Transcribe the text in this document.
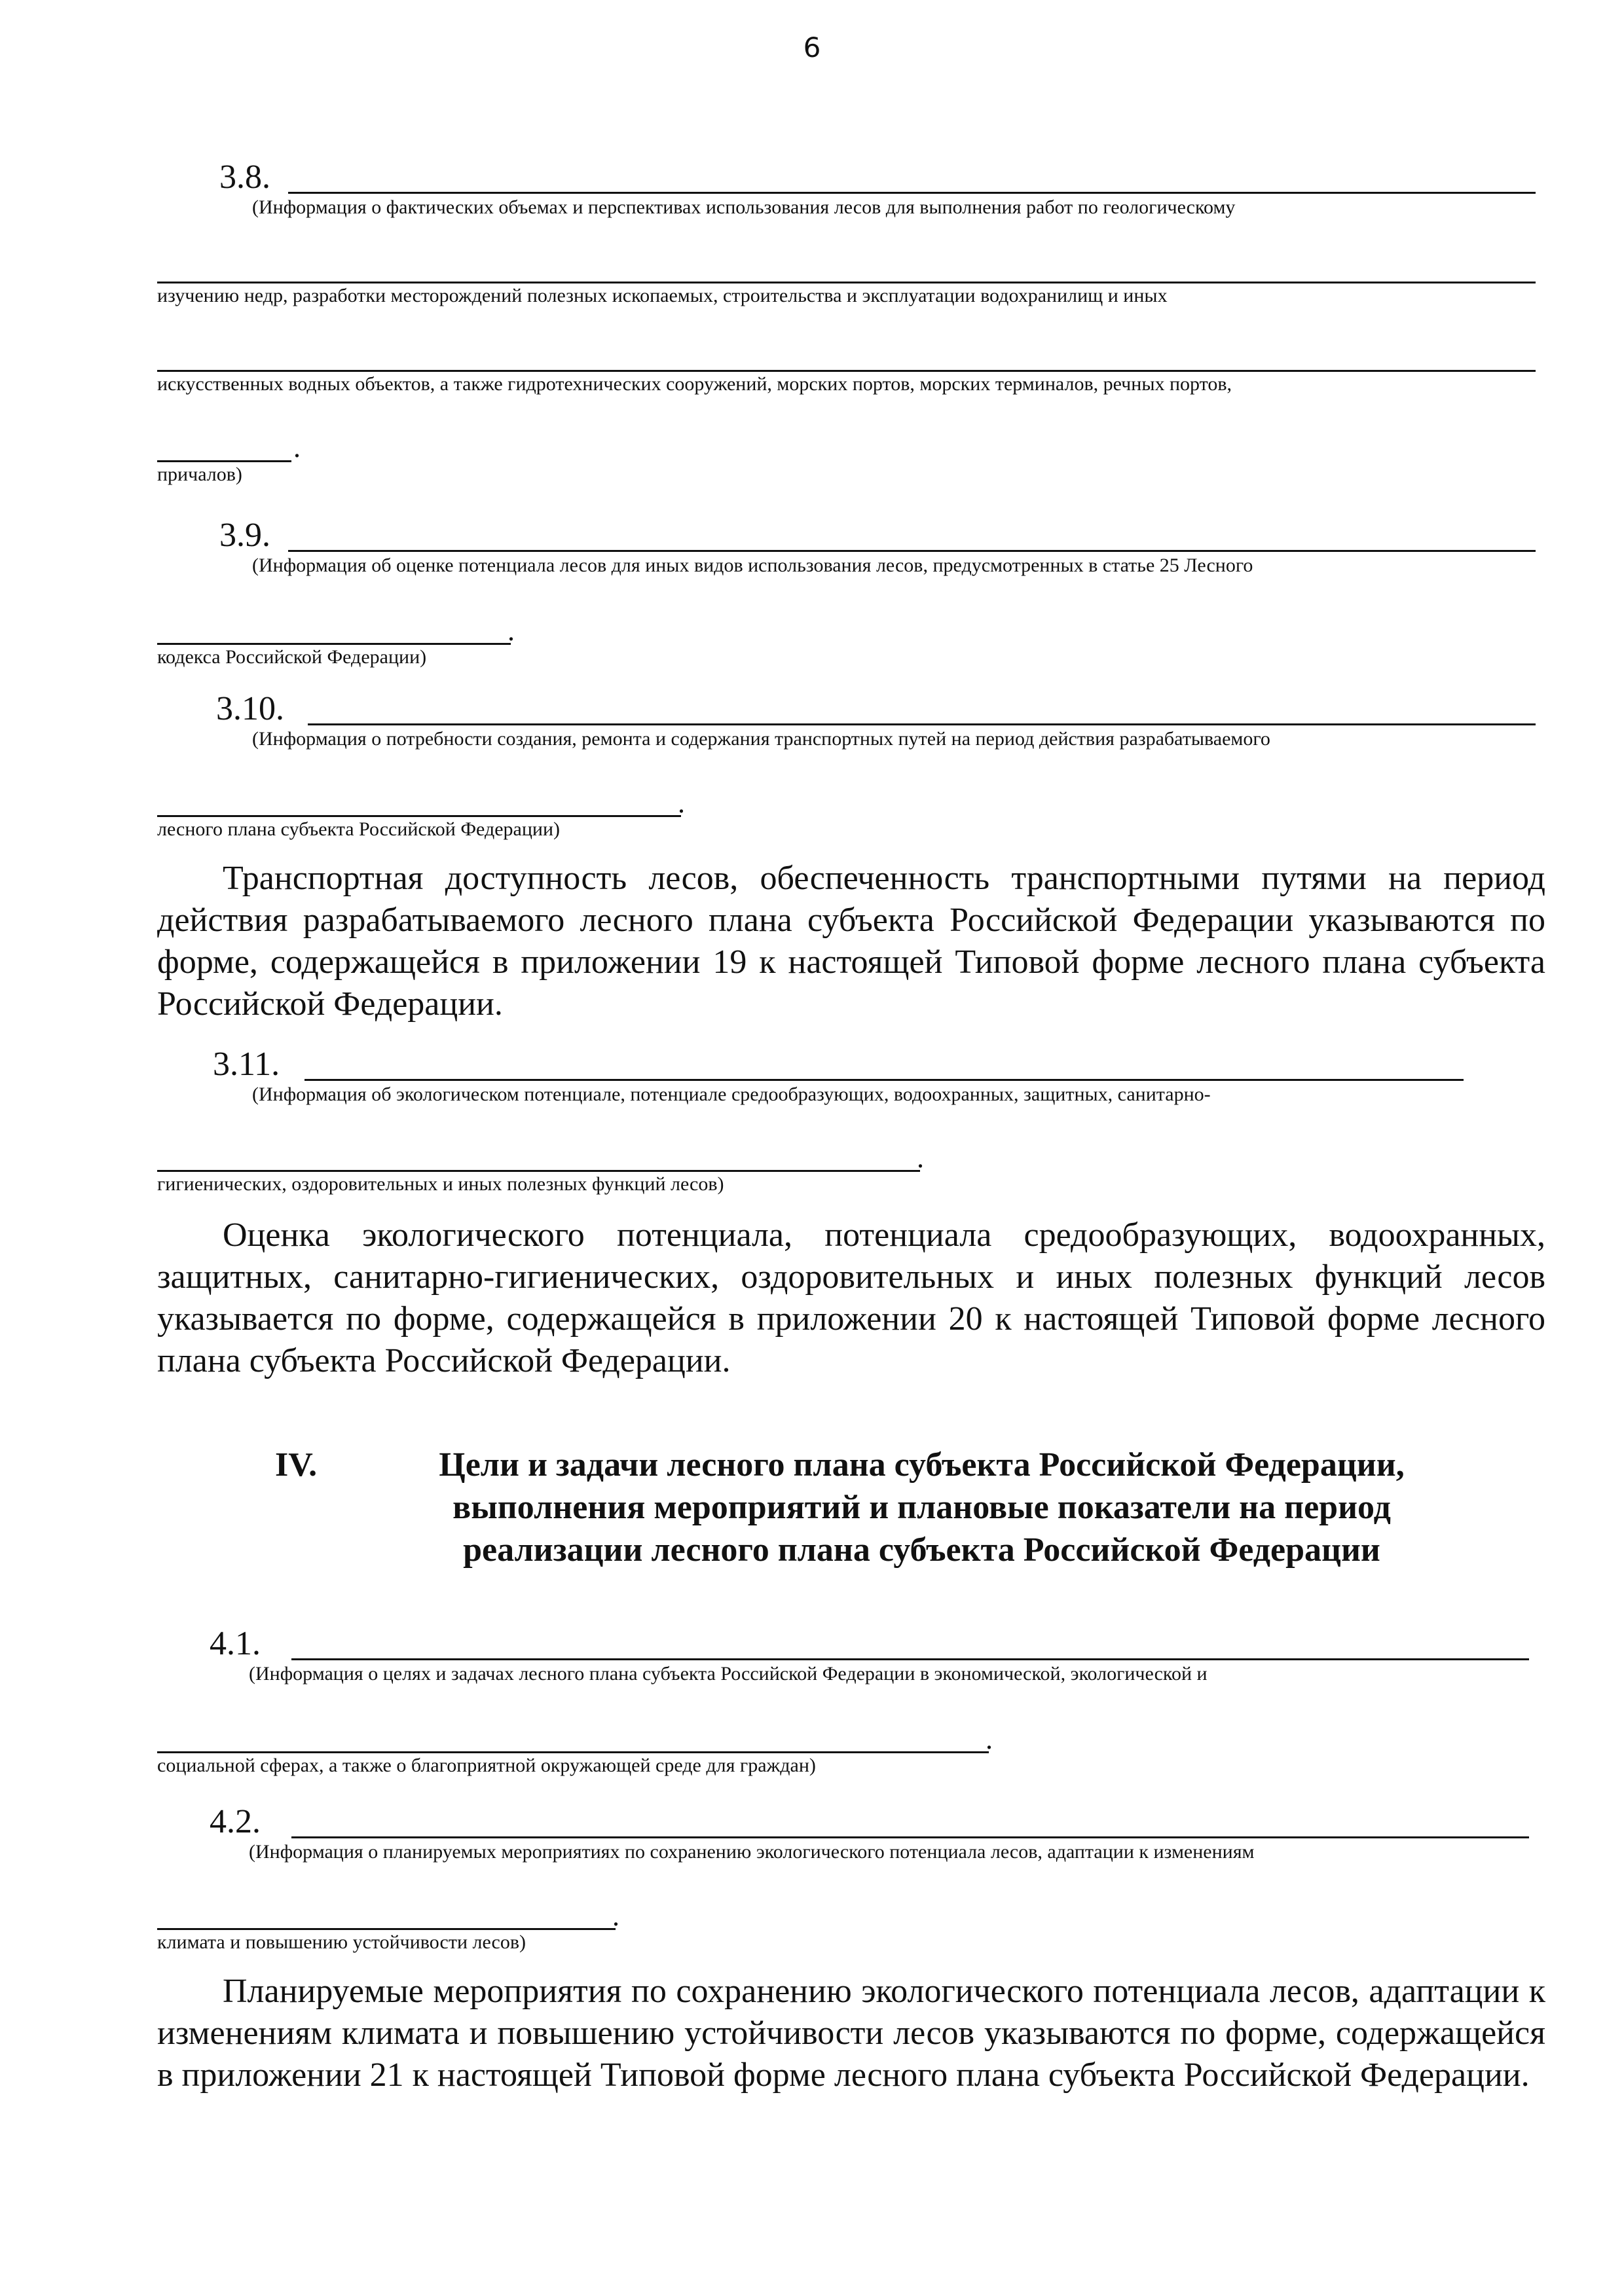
6
3.8.
(Информация о фактических объемах и перспективах использования лесов для выполнения работ по геологическому
изучению недр, разработки месторождений полезных ископаемых, строительства и эксплуатации водохранилищ и иных
искусственных водных объектов, а также гидротехнических сооружений, морских портов, морских терминалов, речных портов,
.
причалов)
3.9.
(Информация об оценке потенциала лесов для иных видов использования лесов, предусмотренных в статье 25 Лесного
.
кодекса Российской Федерации)
3.10.
(Информация о потребности создания, ремонта и содержания транспортных путей на период действия разрабатываемого
.
лесного плана субъекта Российской Федерации)

Транспортная доступность лесов, обеспеченность транспортными путями на период действия разрабатываемого лесного плана субъекта Российской Федерации указываются по форме, содержащейся в приложении 19 к настоящей Типовой форме лесного плана субъекта Российской Федерации.

3.11.
(Информация об экологическом потенциале, потенциале средообразующих, водоохранных, защитных, санитарно-
.
гигиенических, оздоровительных и иных полезных функций лесов)

Оценка экологического потенциала, потенциала средообразующих, водоохранных, защитных, санитарно-гигиенических, оздоровительных и иных полезных функций лесов указывается по форме, содержащейся в приложении 20 к настоящей Типовой форме лесного плана субъекта Российской Федерации.

IV.	Цели и задачи лесного плана субъекта Российской Федерации, выполнения мероприятий и плановые показатели на период реализации лесного плана субъекта Российской Федерации
4.1.
(Информация о целях и задачах лесного плана субъекта Российской Федерации в экономической, экологической и
.
социальной сферах, а также о благоприятной окружающей среде для граждан)
4.2.
(Информация о планируемых мероприятиях по сохранению экологического потенциала лесов, адаптации к изменениям
.
климата и повышению устойчивости лесов)

Планируемые мероприятия по сохранению экологического потенциала лесов, адаптации к изменениям климата и повышению устойчивости лесов указываются по форме, содержащейся в приложении 21 к настоящей Типовой форме лесного плана субъекта Российской Федерации.
